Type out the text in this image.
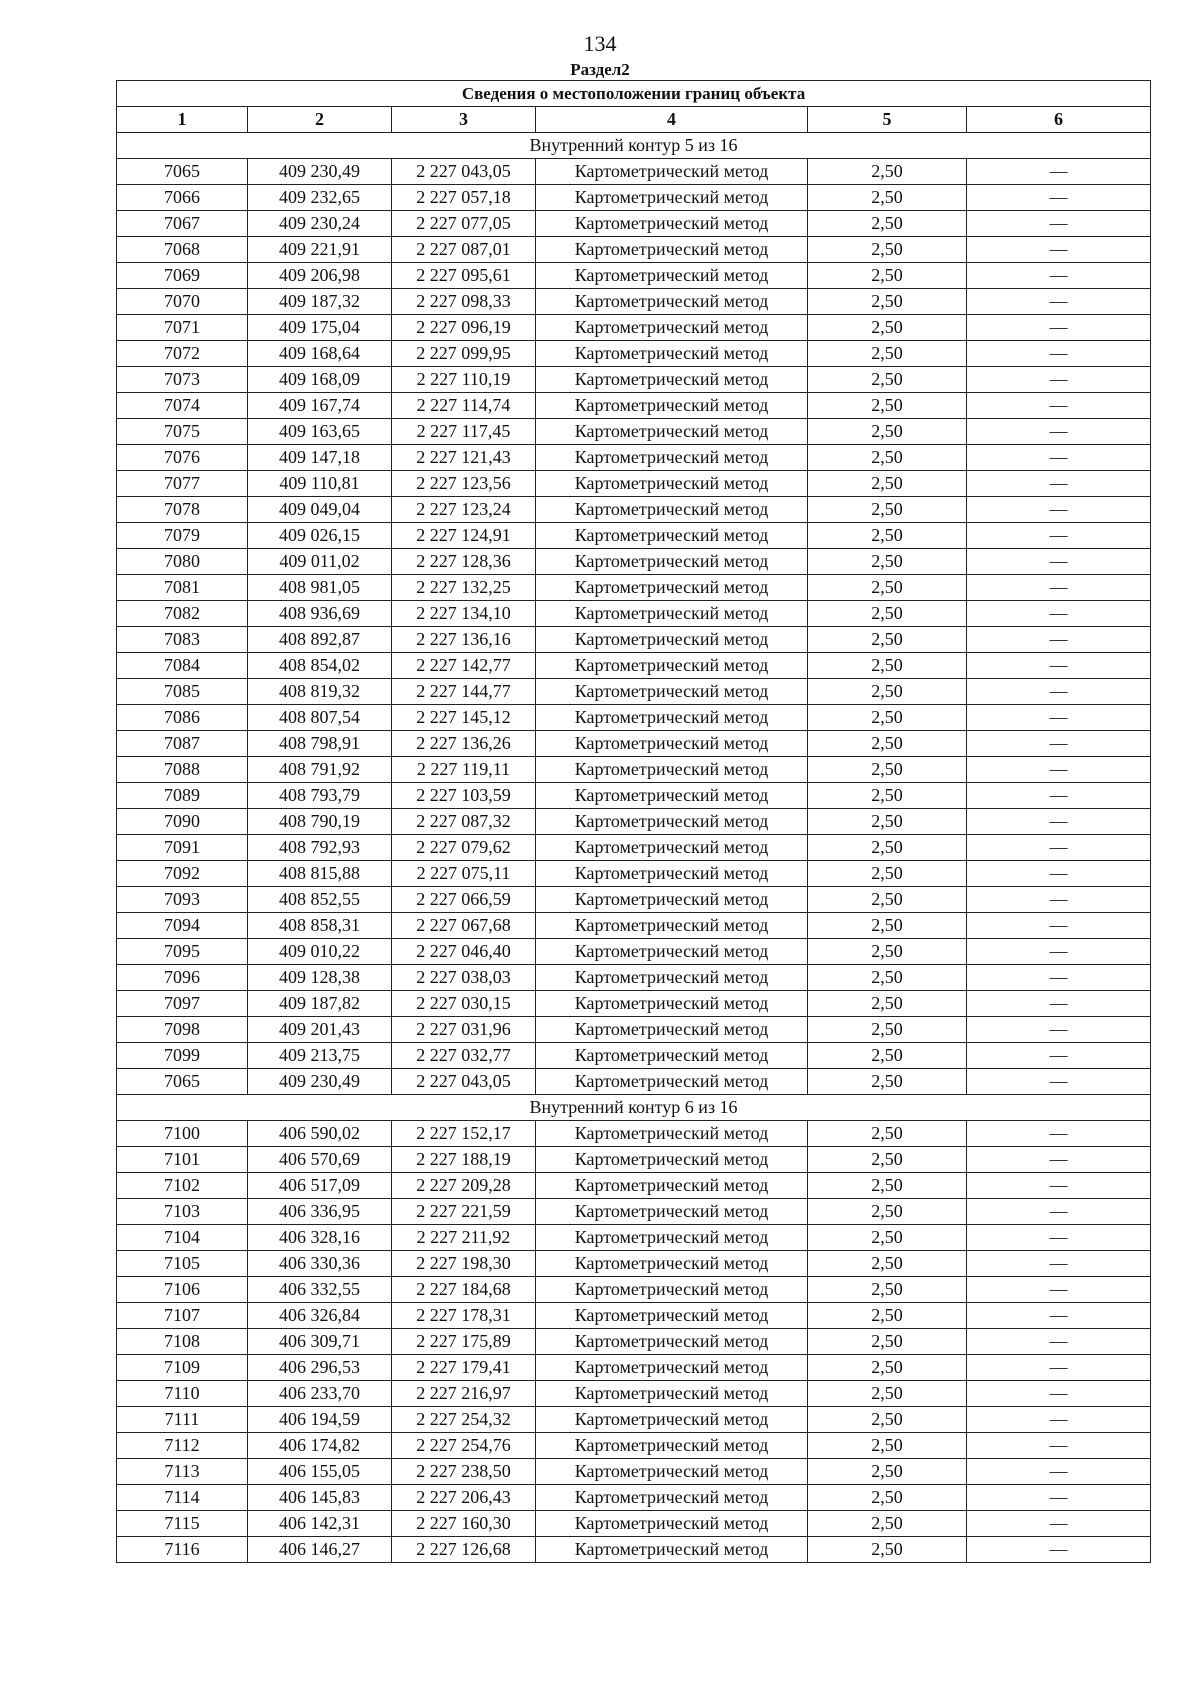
134
Раздел2
Сведения о местоположении границ объекта					
1	2	3	4	5	6
Внутренний контур 5 из 16					
7065	409 230,49	2 227 043,05	Картометрический метод	2,50	—
7066	409 232,65	2 227 057,18	Картометрический метод	2,50	—
7067	409 230,24	2 227 077,05	Картометрический метод	2,50	—
7068	409 221,91	2 227 087,01	Картометрический метод	2,50	—
7069	409 206,98	2 227 095,61	Картометрический метод	2,50	—
7070	409 187,32	2 227 098,33	Картометрический метод	2,50	—
7071	409 175,04	2 227 096,19	Картометрический метод	2,50	—
7072	409 168,64	2 227 099,95	Картометрический метод	2,50	—
7073	409 168,09	2 227 110,19	Картометрический метод	2,50	—
7074	409 167,74	2 227 114,74	Картометрический метод	2,50	—
7075	409 163,65	2 227 117,45	Картометрический метод	2,50	—
7076	409 147,18	2 227 121,43	Картометрический метод	2,50	—
7077	409 110,81	2 227 123,56	Картометрический метод	2,50	—
7078	409 049,04	2 227 123,24	Картометрический метод	2,50	—
7079	409 026,15	2 227 124,91	Картометрический метод	2,50	—
7080	409 011,02	2 227 128,36	Картометрический метод	2,50	—
7081	408 981,05	2 227 132,25	Картометрический метод	2,50	—
7082	408 936,69	2 227 134,10	Картометрический метод	2,50	—
7083	408 892,87	2 227 136,16	Картометрический метод	2,50	—
7084	408 854,02	2 227 142,77	Картометрический метод	2,50	—
7085	408 819,32	2 227 144,77	Картометрический метод	2,50	—
7086	408 807,54	2 227 145,12	Картометрический метод	2,50	—
7087	408 798,91	2 227 136,26	Картометрический метод	2,50	—
7088	408 791,92	2 227 119,11	Картометрический метод	2,50	—
7089	408 793,79	2 227 103,59	Картометрический метод	2,50	—
7090	408 790,19	2 227 087,32	Картометрический метод	2,50	—
7091	408 792,93	2 227 079,62	Картометрический метод	2,50	—
7092	408 815,88	2 227 075,11	Картометрический метод	2,50	—
7093	408 852,55	2 227 066,59	Картометрический метод	2,50	—
7094	408 858,31	2 227 067,68	Картометрический метод	2,50	—
7095	409 010,22	2 227 046,40	Картометрический метод	2,50	—
7096	409 128,38	2 227 038,03	Картометрический метод	2,50	—
7097	409 187,82	2 227 030,15	Картометрический метод	2,50	—
7098	409 201,43	2 227 031,96	Картометрический метод	2,50	—
7099	409 213,75	2 227 032,77	Картометрический метод	2,50	—
7065	409 230,49	2 227 043,05	Картометрический метод	2,50	—
Внутренний контур 6 из 16					
7100	406 590,02	2 227 152,17	Картометрический метод	2,50	—
7101	406 570,69	2 227 188,19	Картометрический метод	2,50	—
7102	406 517,09	2 227 209,28	Картометрический метод	2,50	—
7103	406 336,95	2 227 221,59	Картометрический метод	2,50	—
7104	406 328,16	2 227 211,92	Картометрический метод	2,50	—
7105	406 330,36	2 227 198,30	Картометрический метод	2,50	—
7106	406 332,55	2 227 184,68	Картометрический метод	2,50	—
7107	406 326,84	2 227 178,31	Картометрический метод	2,50	—
7108	406 309,71	2 227 175,89	Картометрический метод	2,50	—
7109	406 296,53	2 227 179,41	Картометрический метод	2,50	—
7110	406 233,70	2 227 216,97	Картометрический метод	2,50	—
7111	406 194,59	2 227 254,32	Картометрический метод	2,50	—
7112	406 174,82	2 227 254,76	Картометрический метод	2,50	—
7113	406 155,05	2 227 238,50	Картометрический метод	2,50	—
7114	406 145,83	2 227 206,43	Картометрический метод	2,50	—
7115	406 142,31	2 227 160,30	Картометрический метод	2,50	—
7116	406 146,27	2 227 126,68	Картометрический метод	2,50	—
